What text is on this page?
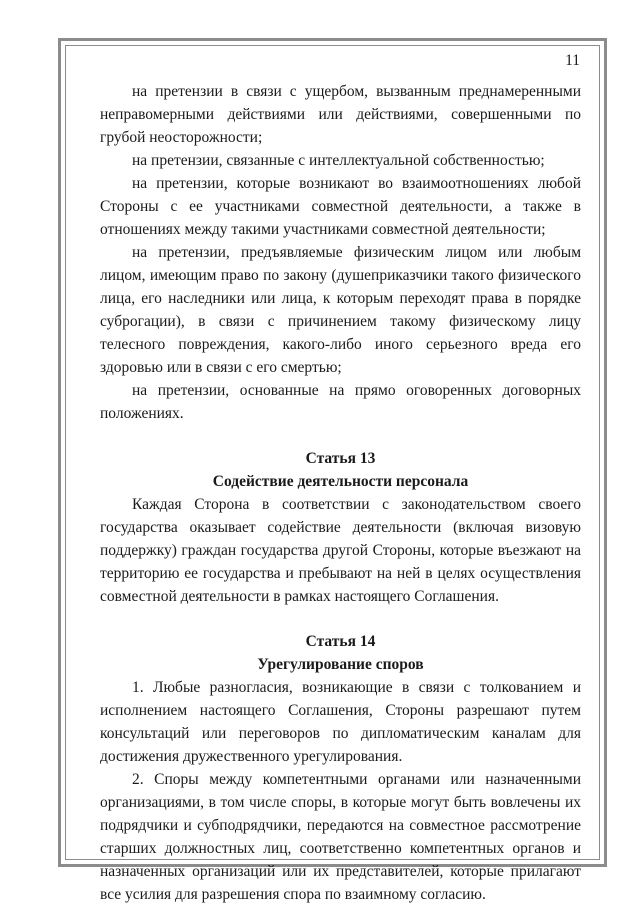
11

на претензии в связи с ущербом, вызванным преднамеренными неправомерными действиями или действиями, совершенными по грубой неосторожности;

на претензии, связанные с интеллектуальной собственностью;

на претензии, которые возникают во взаимоотношениях любой Стороны с ее участниками совместной деятельности, а также в отношениях между такими участниками совместной деятельности;

на претензии, предъявляемые физическим лицом или любым лицом, имеющим право по закону (душеприказчики такого физического лица, его наследники или лица, к которым переходят права в порядке суброгации), в связи с причинением такому физическому лицу телесного повреждения, какого-либо иного серьезного вреда его здоровью или в связи с его смертью;

на претензии, основанные на прямо оговоренных договорных положениях.

Статья 13
Содействие деятельности персонала

Каждая Сторона в соответствии с законодательством своего государства оказывает содействие деятельности (включая визовую поддержку) граждан государства другой Стороны, которые въезжают на территорию ее государства и пребывают на ней в целях осуществления совместной деятельности в рамках настоящего Соглашения.

Статья 14
Урегулирование споров

1. Любые разногласия, возникающие в связи с толкованием и исполнением настоящего Соглашения, Стороны разрешают путем консультаций или переговоров по дипломатическим каналам для достижения дружественного урегулирования.

2. Споры между компетентными органами или назначенными организациями, в том числе споры, в которые могут быть вовлечены их подрядчики и субподрядчики, передаются на совместное рассмотрение старших должностных лиц, соответственно компетентных органов и назначенных организаций или их представителей, которые прилагают все усилия для разрешения спора по взаимному согласию.
